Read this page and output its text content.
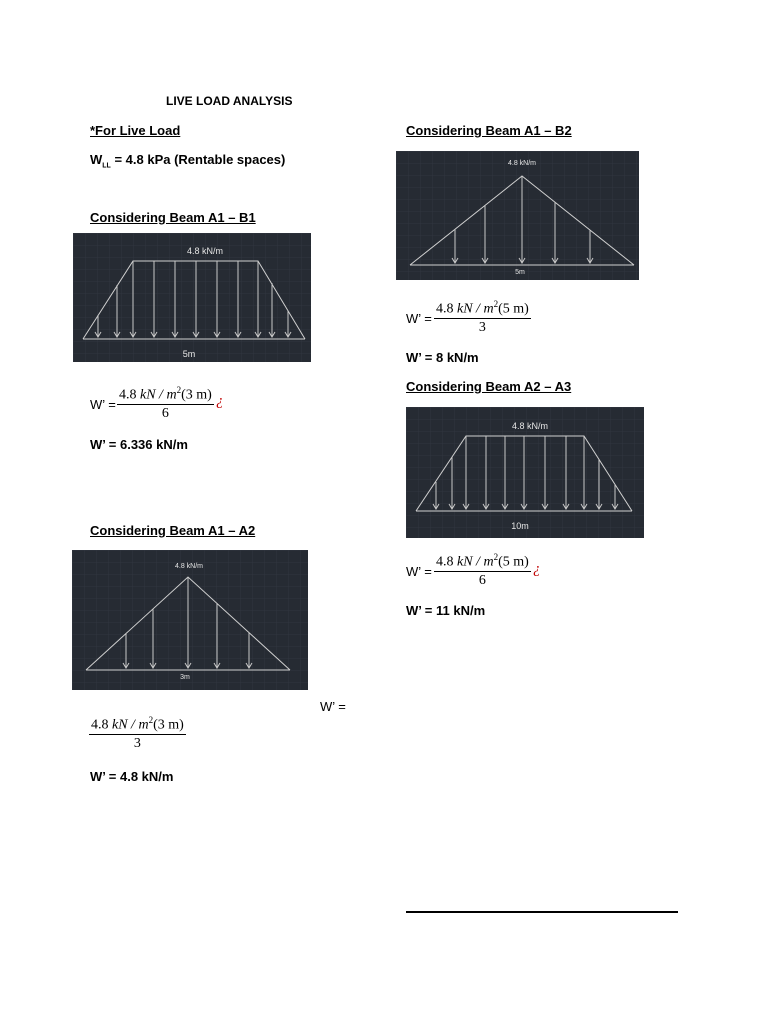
LIVE LOAD ANALYSIS
*For Live Load
$W_{LL} = 4.8$ kPa (Rentable spaces)
Considering Beam A1 – B1
4.8 kN/m
5m
W’ = $\frac{4.8 kN / m^2(3 m)}{6}$ ¿
W’ = 6.336 kN/m
Considering Beam A1 – A2
4.8 kN/m
3m
W’ =
$\frac{4.8 kN / m^2(3 m)}{3}$
W’ = 4.8 kN/m
Considering Beam A1 – B2
4.8 kN/m
5m
W’ = $\frac{4.8 kN / m^2(5 m)}{3}$
W’ = 8 kN/m
Considering Beam A2 – A3
4.8 kN/m
10m
W’ = $\frac{4.8 kN / m^2(5 m)}{6}$ ¿
W’ = 11 kN/m
